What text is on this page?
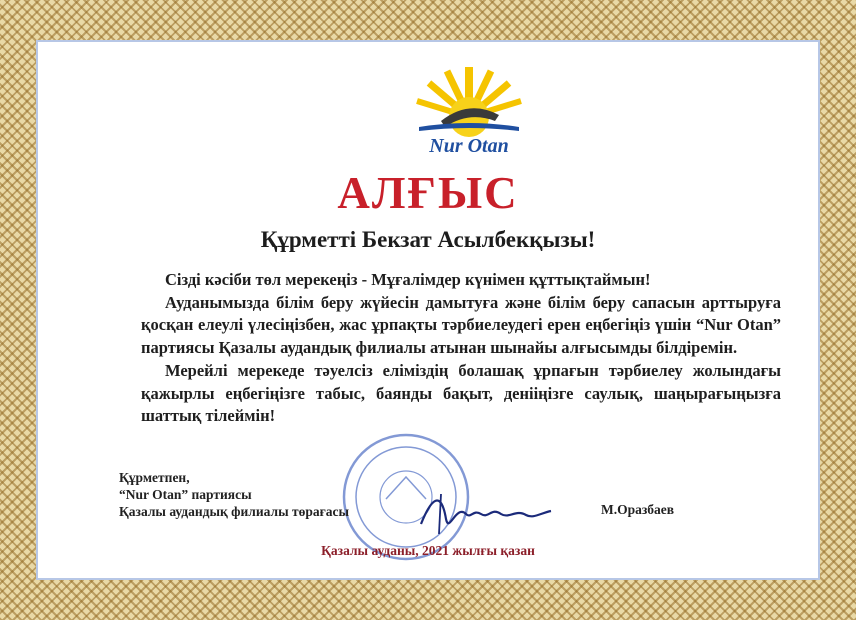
Nur Otan
АЛҒЫС
Құрметті Бекзат Асылбекқызы!

Сізді кәсіби төл мерекеңіз - Мұғалімдер күнімен құттықтаймын!

Ауданымызда білім беру жүйесін дамытуға және білім беру сапасын арттыруға қосқан елеулі үлесіңізбен, жас ұрпақты тәрбиелеудегі ерен еңбегіңіз үшін “Nur Otan” партиясы Қазалы аудандық филиалы атынан шынайы алғысымды білдіремін.

Мерейлі мерекеде тәуелсіз еліміздің болашақ ұрпағын тәрбиелеу жолындағы қажырлы еңбегіңізге табыс, баянды бақыт, денііңізге саулық, шаңырағыңызға шаттық тілеймін!

Құрметпен,
“Nur Otan” партиясы
Қазалы аудандық филиалы төрағасы	М.Оразбаев
Қазалы ауданы, 2021 жылғы қазан
